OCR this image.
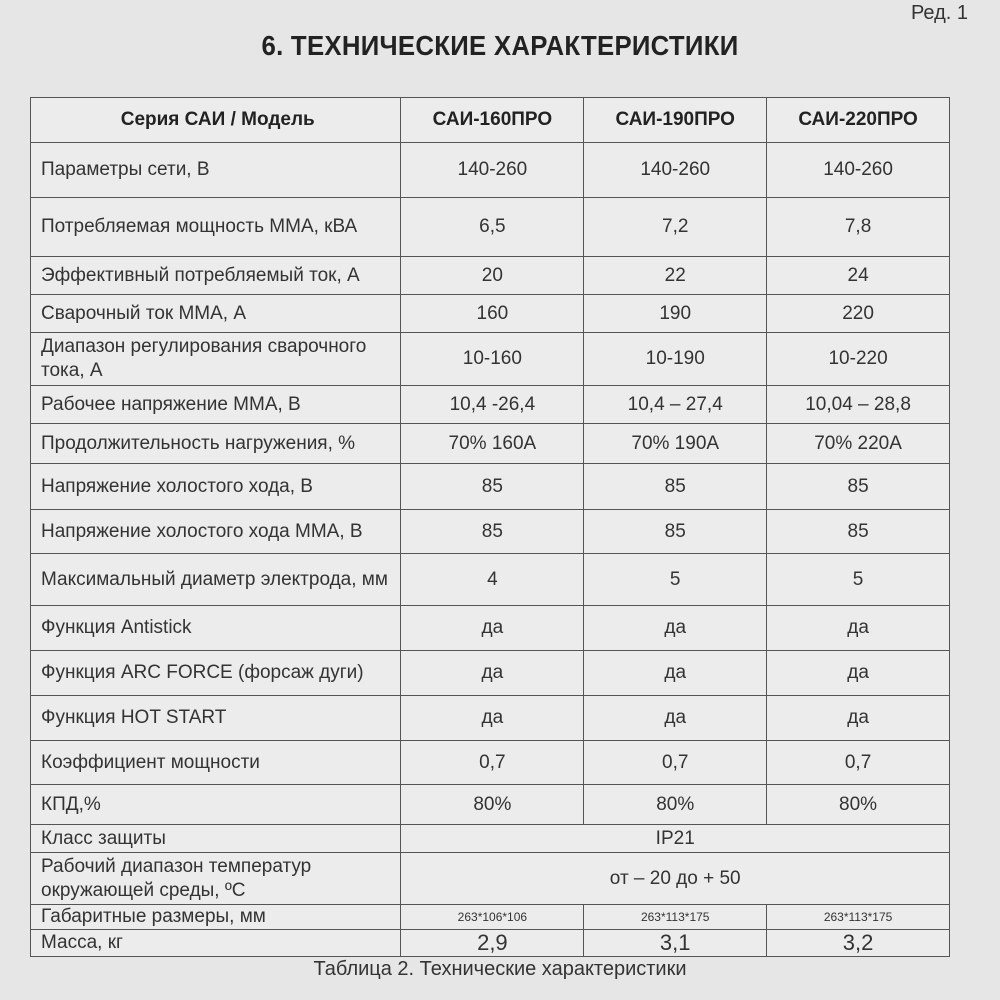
Ред. 1
6. ТЕХНИЧЕСКИЕ ХАРАКТЕРИСТИКИ
Серия САИ / Модель	САИ-160ПРО	САИ-190ПРО	САИ-220ПРО
Параметры сети, В	140-260	140-260	140-260
Потребляемая мощность ММА, кВА	6,5	7,2	7,8
Эффективный потребляемый ток, А	20	22	24
Сварочный ток ММА, А	160	190	220
Диапазон регулирования сварочного тока, А	10-160	10-190	10-220
Рабочее напряжение ММА, В	10,4 -26,4	10,4 – 27,4	10,04 – 28,8
Продолжительность нагружения, %	70% 160А	70% 190А	70% 220А
Напряжение холостого хода, В	85	85	85
Напряжение холостого хода ММА, В	85	85	85
Максимальный диаметр электрода, мм	4	5	5
Функция Antistick	да	да	да
Функция ARC FORCE (форсаж дуги)	да	да	да
Функция HOT START	да	да	да
Коэффициент мощности	0,7	0,7	0,7
КПД,%	80%	80%	80%
Класс защиты	IP21		
Рабочий диапазон температур окружающей среды, ºС	от – 20 до + 50		
Габаритные размеры, мм	263*106*106	263*113*175	263*113*175
Масса, кг	2,9	3,1	3,2
Таблица 2. Технические характеристики
